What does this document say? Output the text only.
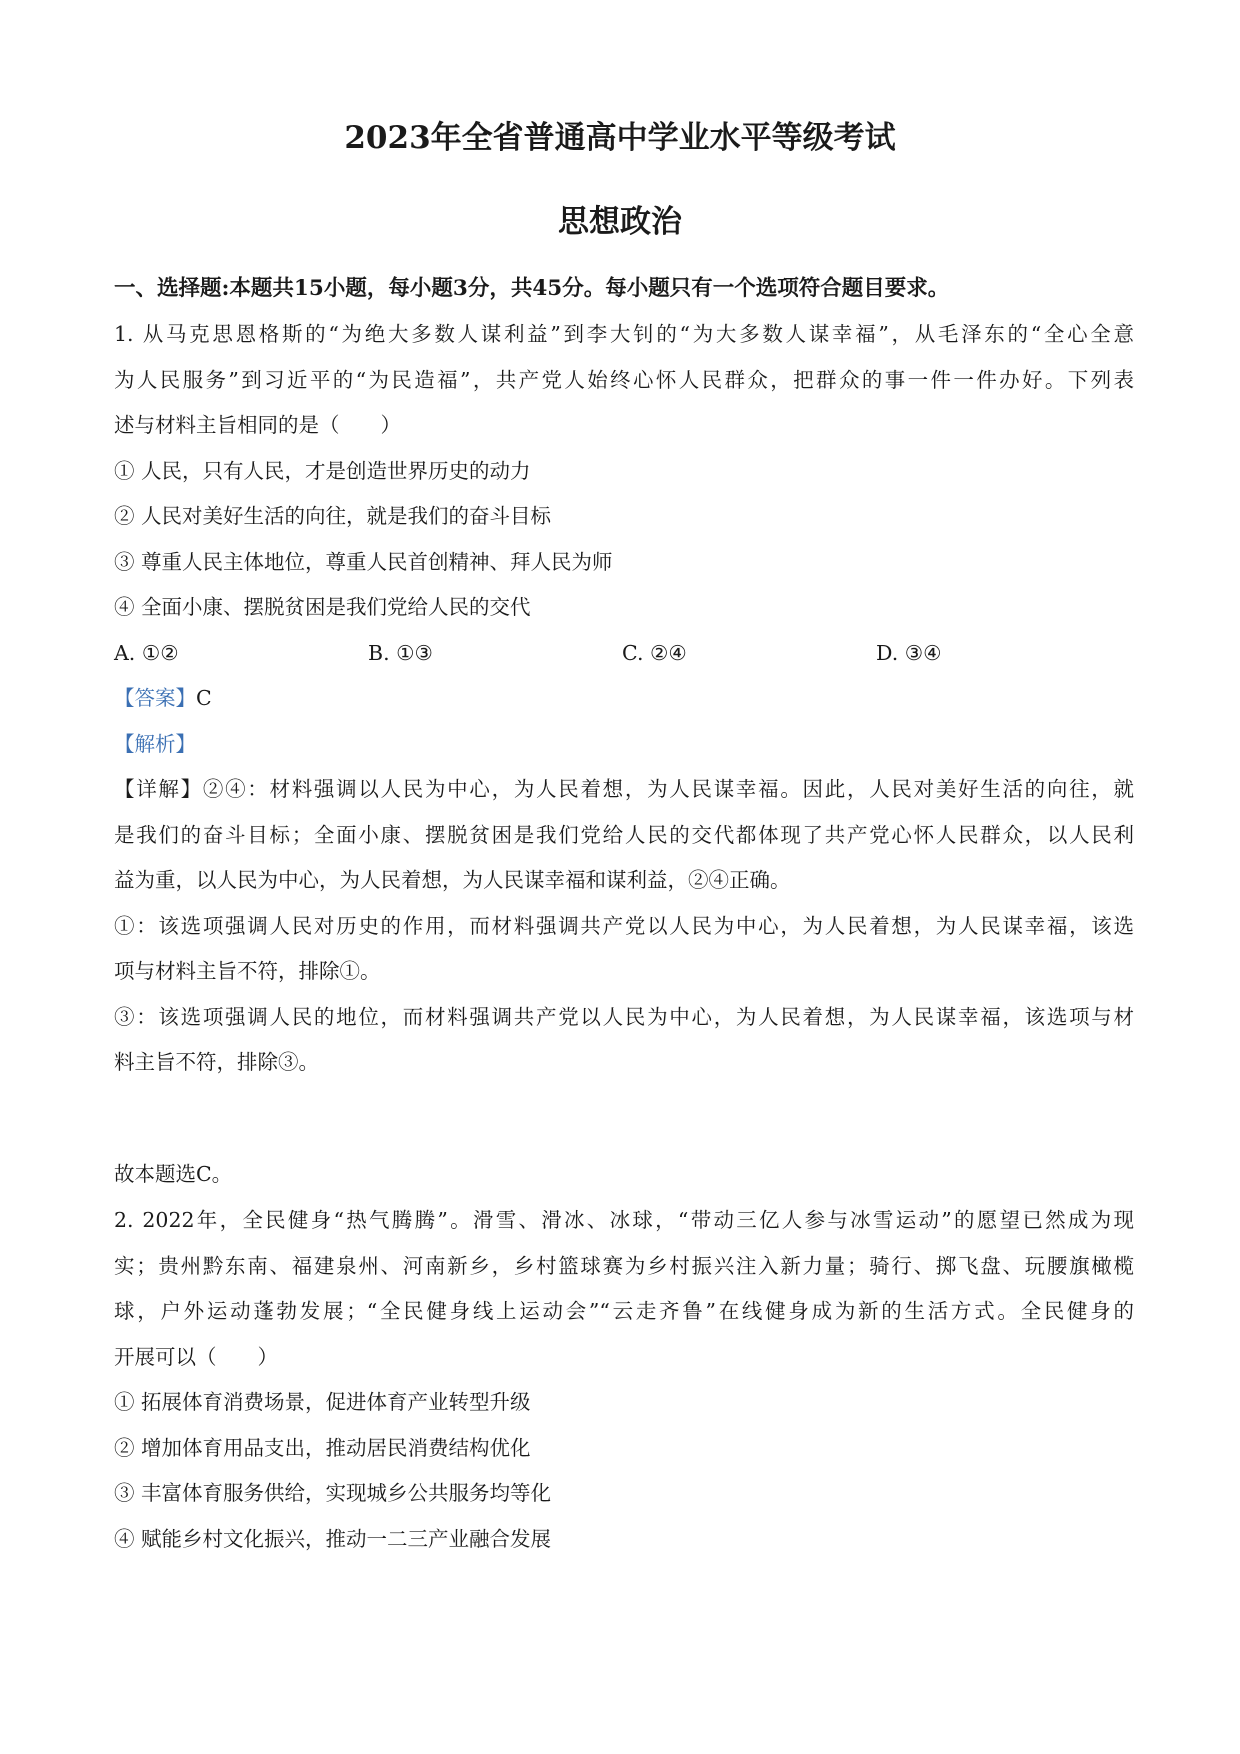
2023年全省普通高中学业水平等级考试
思想政治
一、选择题:本题共15小题，每小题3分，共45分。每小题只有一个选项符合题目要求。
1. 从马克思恩格斯的“为绝大多数人谋利益”到李大钊的“为大多数人谋幸福”，从毛泽东的“全心全意
为人民服务”到习近平的“为民造福”，共产党人始终心怀人民群众，把群众的事一件一件办好。下列表
述与材料主旨相同的是（　　）
① 人民，只有人民，才是创造世界历史的动力
② 人民对美好生活的向往，就是我们的奋斗目标
③ 尊重人民主体地位，尊重人民首创精神、拜人民为师
④ 全面小康、摆脱贫困是我们党给人民的交代
A. ①②	B. ①③	C. ②④	D. ③④
【答案】C
【解析】
【详解】②④：材料强调以人民为中心，为人民着想，为人民谋幸福。因此，人民对美好生活的向往，就
是我们的奋斗目标；全面小康、摆脱贫困是我们党给人民的交代都体现了共产党心怀人民群众，以人民利
益为重，以人民为中心，为人民着想，为人民谋幸福和谋利益，②④正确。
①：该选项强调人民对历史的作用，而材料强调共产党以人民为中心，为人民着想，为人民谋幸福，该选
项与材料主旨不符，排除①。
③：该选项强调人民的地位，而材料强调共产党以人民为中心，为人民着想，为人民谋幸福，该选项与材
料主旨不符，排除③。
故本题选C。
2. 2022年，全民健身“热气腾腾”。滑雪、滑冰、冰球，“带动三亿人参与冰雪运动”的愿望已然成为现
实；贵州黔东南、福建泉州、河南新乡，乡村篮球赛为乡村振兴注入新力量；骑行、掷飞盘、玩腰旗橄榄
球，户外运动蓬勃发展；“全民健身线上运动会”“云走齐鲁”在线健身成为新的生活方式。全民健身的
开展可以（　　）
① 拓展体育消费场景，促进体育产业转型升级
② 增加体育用品支出，推动居民消费结构优化
③ 丰富体育服务供给，实现城乡公共服务均等化
④ 赋能乡村文化振兴，推动一二三产业融合发展
